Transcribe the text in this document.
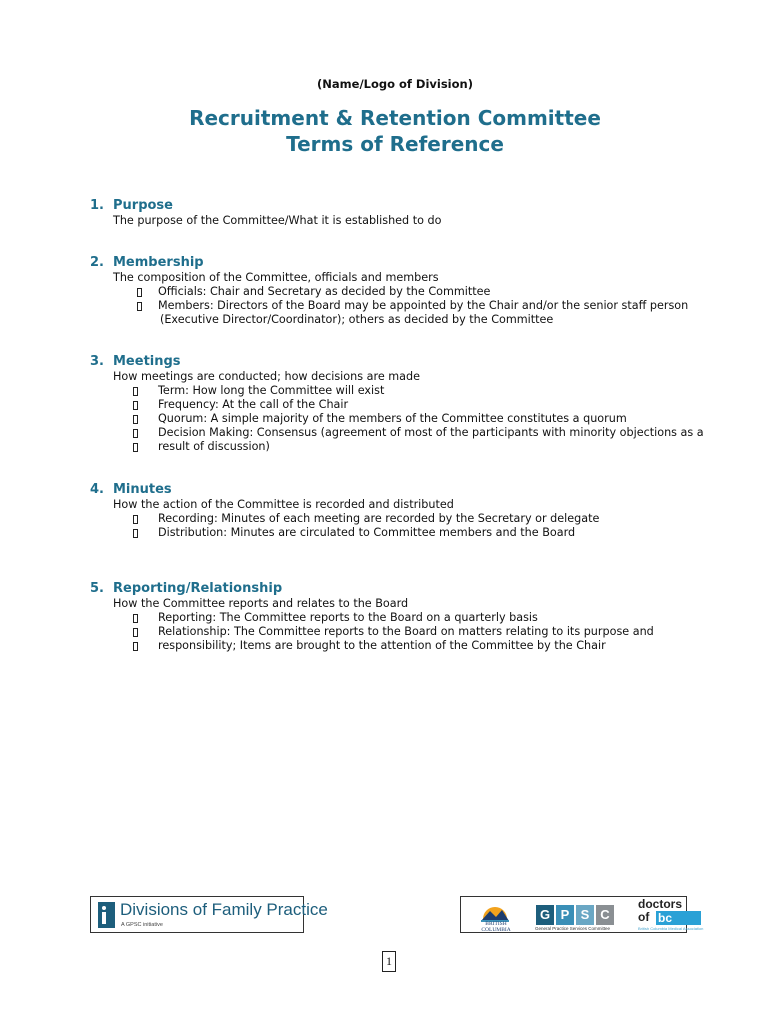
(Name/Logo of Division)
Recruitment & Retention Committee
Terms of Reference
1. Purpose
The purpose of the Committee/What it is established to do
2. Membership
The composition of the Committee, officials and members
Officials: Chair and Secretary as decided by the Committee
Members: Directors of the Board may be appointed by the Chair and/or the senior staff person
(Executive Director/Coordinator); others as decided by the Committee
3. Meetings
How meetings are conducted; how decisions are made
Term: How long the Committee will exist
Frequency: At the call of the Chair
Quorum: A simple majority of the members of the Committee constitutes a quorum
Decision Making: Consensus (agreement of most of the participants with minority objections as a
result of discussion)
4. Minutes
How the action of the Committee is recorded and distributed
Recording: Minutes of each meeting are recorded by the Secretary or delegate
Distribution: Minutes are circulated to Committee members and the Board
5. Reporting/Relationship
How the Committee reports and relates to the Board
Reporting: The Committee reports to the Board on a quarterly basis
Relationship: The Committee reports to the Board on matters relating to its purpose and
responsibility; Items are brought to the attention of the Committee by the Chair
Divisions of Family Practice
A GPSC initiative	BRITISH
COLUMBIA
G P S C
General Practice Services Committee
doctors
of bc
British Columbia Medical Association
1
